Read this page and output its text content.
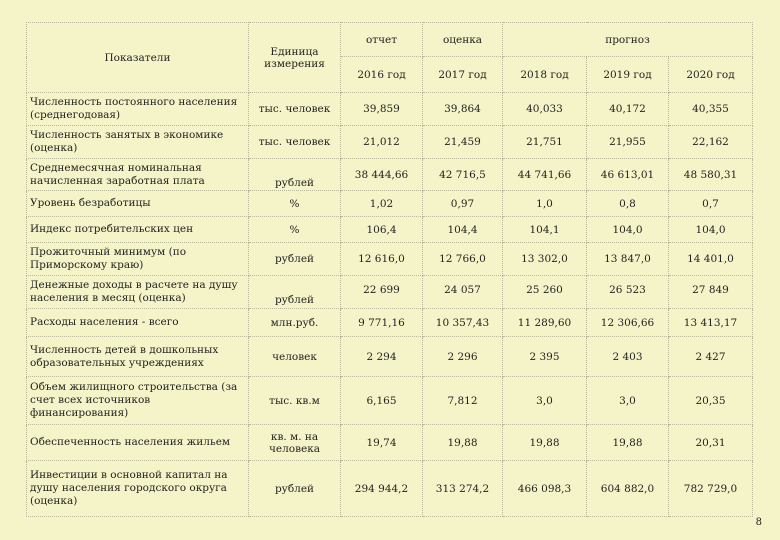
Показатели	Единица измерения	отчет	оценка	прогноз		
		2016 год	2017 год	2018 год	2019 год	2020 год
Численность постоянного населения (среднегодовая)	тыс. человек	39,859	39,864	40,033	40,172	40,355
Численность занятых в экономике (оценка)	тыс. человек	21,012	21,459	21,751	21,955	22,162
Среднемесячная номинальная начисленная заработная плата	рублей	38 444,66	42 716,5	44 741,66	46 613,01	48 580,31
Уровень безработицы	%	1,02	0,97	1,0	0,8	0,7
Индекс потребительских цен	%	106,4	104,4	104,1	104,0	104,0
Прожиточный минимум (по Приморскому краю)	рублей	12 616,0	12 766,0	13 302,0	13 847,0	14 401,0
Денежные доходы в расчете на душу населения в месяц (оценка)	рублей	22 699	24 057	25 260	26 523	27 849

Расходы населения - всего	млн.руб.	9 771,16	10 357,43	11 289,60	12 306,66	13 413,17
Численность детей в дошкольных образовательных учреждениях	человек	2 294	2 296	2 395	2 403	2 427
Объем жилищного строительства (за счет всех источников финансирования)	тыс. кв.м	6,165	7,812	3,0	3,0	20,35
Обеспеченность населения жильем	кв. м. на человека	19,74	19,88	19,88	19,88	20,31
Инвестиции в основной капитал на душу населения городского округа (оценка)	рублей	294 944,2	313 274,2	466 098,3	604 882,0	782 729,0
8
